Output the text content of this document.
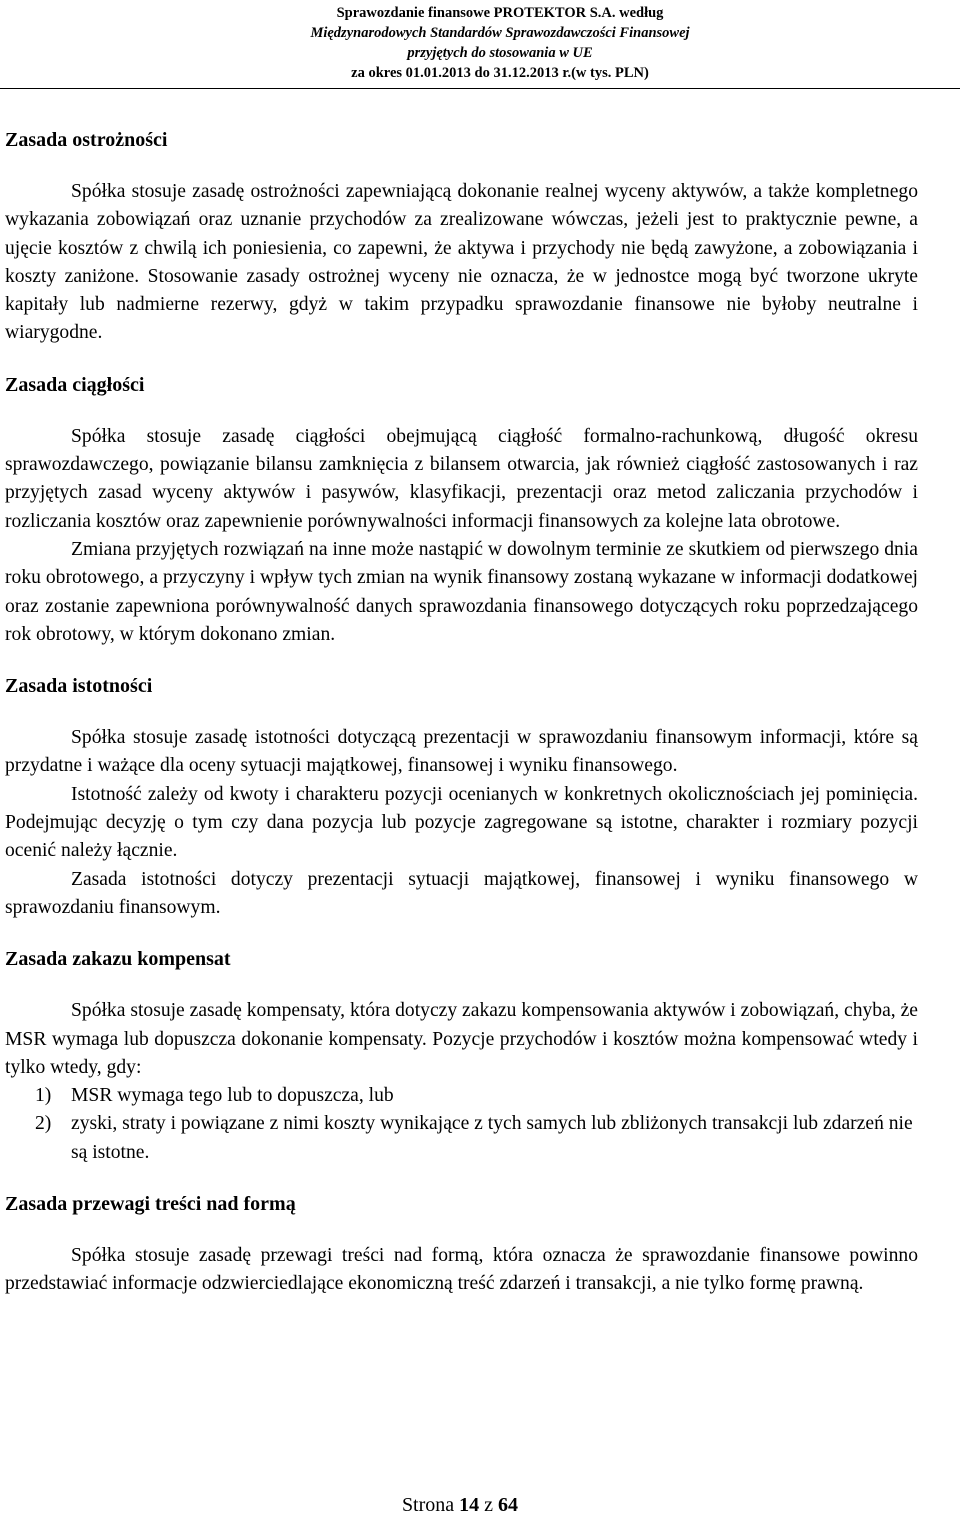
Sprawozdanie finansowe PROTEKTOR S.A. według
Międzynarodowych Standardów Sprawozdawczości Finansowej
przyjętych do stosowania w UE
za okres 01.01.2013 do 31.12.2013 r.(w tys. PLN)
Zasada ostrożności

Spółka stosuje zasadę ostrożności zapewniającą dokonanie realnej wyceny aktywów, a także kompletnego wykazania zobowiązań oraz uznanie przychodów za zrealizowane wówczas, jeżeli jest to praktycznie pewne, a ujęcie kosztów z chwilą ich poniesienia, co zapewni, że aktywa i przychody nie będą zawyżone, a zobowiązania i koszty zaniżone. Stosowanie zasady ostrożnej wyceny nie oznacza, że w jednostce mogą być tworzone ukryte kapitały lub nadmierne rezerwy, gdyż w takim przypadku sprawozdanie finansowe nie byłoby neutralne i wiarygodne.

Zasada ciągłości

Spółka stosuje zasadę ciągłości obejmującą ciągłość formalno-rachunkową, długość okresu sprawozdawczego, powiązanie bilansu zamknięcia z bilansem otwarcia, jak również ciągłość zastosowanych i raz przyjętych zasad wyceny aktywów i pasywów, klasyfikacji, prezentacji oraz metod zaliczania przychodów i rozliczania kosztów oraz zapewnienie porównywalności informacji finansowych za kolejne lata obrotowe.

Zmiana przyjętych rozwiązań na inne może nastąpić w dowolnym terminie ze skutkiem od pierwszego dnia roku obrotowego, a przyczyny i wpływ tych zmian na wynik finansowy zostaną wykazane w informacji dodatkowej oraz zostanie zapewniona porównywalność danych sprawozdania finansowego dotyczących roku poprzedzającego rok obrotowy, w którym dokonano zmian.

Zasada istotności

Spółka stosuje zasadę istotności dotyczącą prezentacji w sprawozdaniu finansowym informacji, które są przydatne i ważące dla oceny sytuacji majątkowej, finansowej i wyniku finansowego.

Istotność zależy od kwoty i charakteru pozycji ocenianych w konkretnych okolicznościach jej pominięcia. Podejmując decyzję o tym czy dana pozycja lub pozycje zagregowane są istotne, charakter i rozmiary pozycji ocenić należy łącznie.

Zasada istotności dotyczy prezentacji sytuacji majątkowej, finansowej i wyniku finansowego w sprawozdaniu finansowym.

Zasada zakazu kompensat

Spółka stosuje zasadę kompensaty, która dotyczy zakazu kompensowania aktywów i zobowiązań, chyba, że MSR wymaga lub dopuszcza dokonanie kompensaty. Pozycje przychodów i kosztów można kompensować wtedy i tylko wtedy, gdy:

1) MSR wymaga tego lub to dopuszcza, lub
2) zyski, straty i powiązane z nimi koszty wynikające z tych samych lub zbliżonych transakcji lub zdarzeń nie są istotne.
Zasada przewagi treści nad formą

Spółka stosuje zasadę przewagi treści nad formą, która oznacza że sprawozdanie finansowe powinno przedstawiać informacje odzwierciedlające ekonomiczną treść zdarzeń i transakcji, a nie tylko formę prawną.

Strona 14 z 64
